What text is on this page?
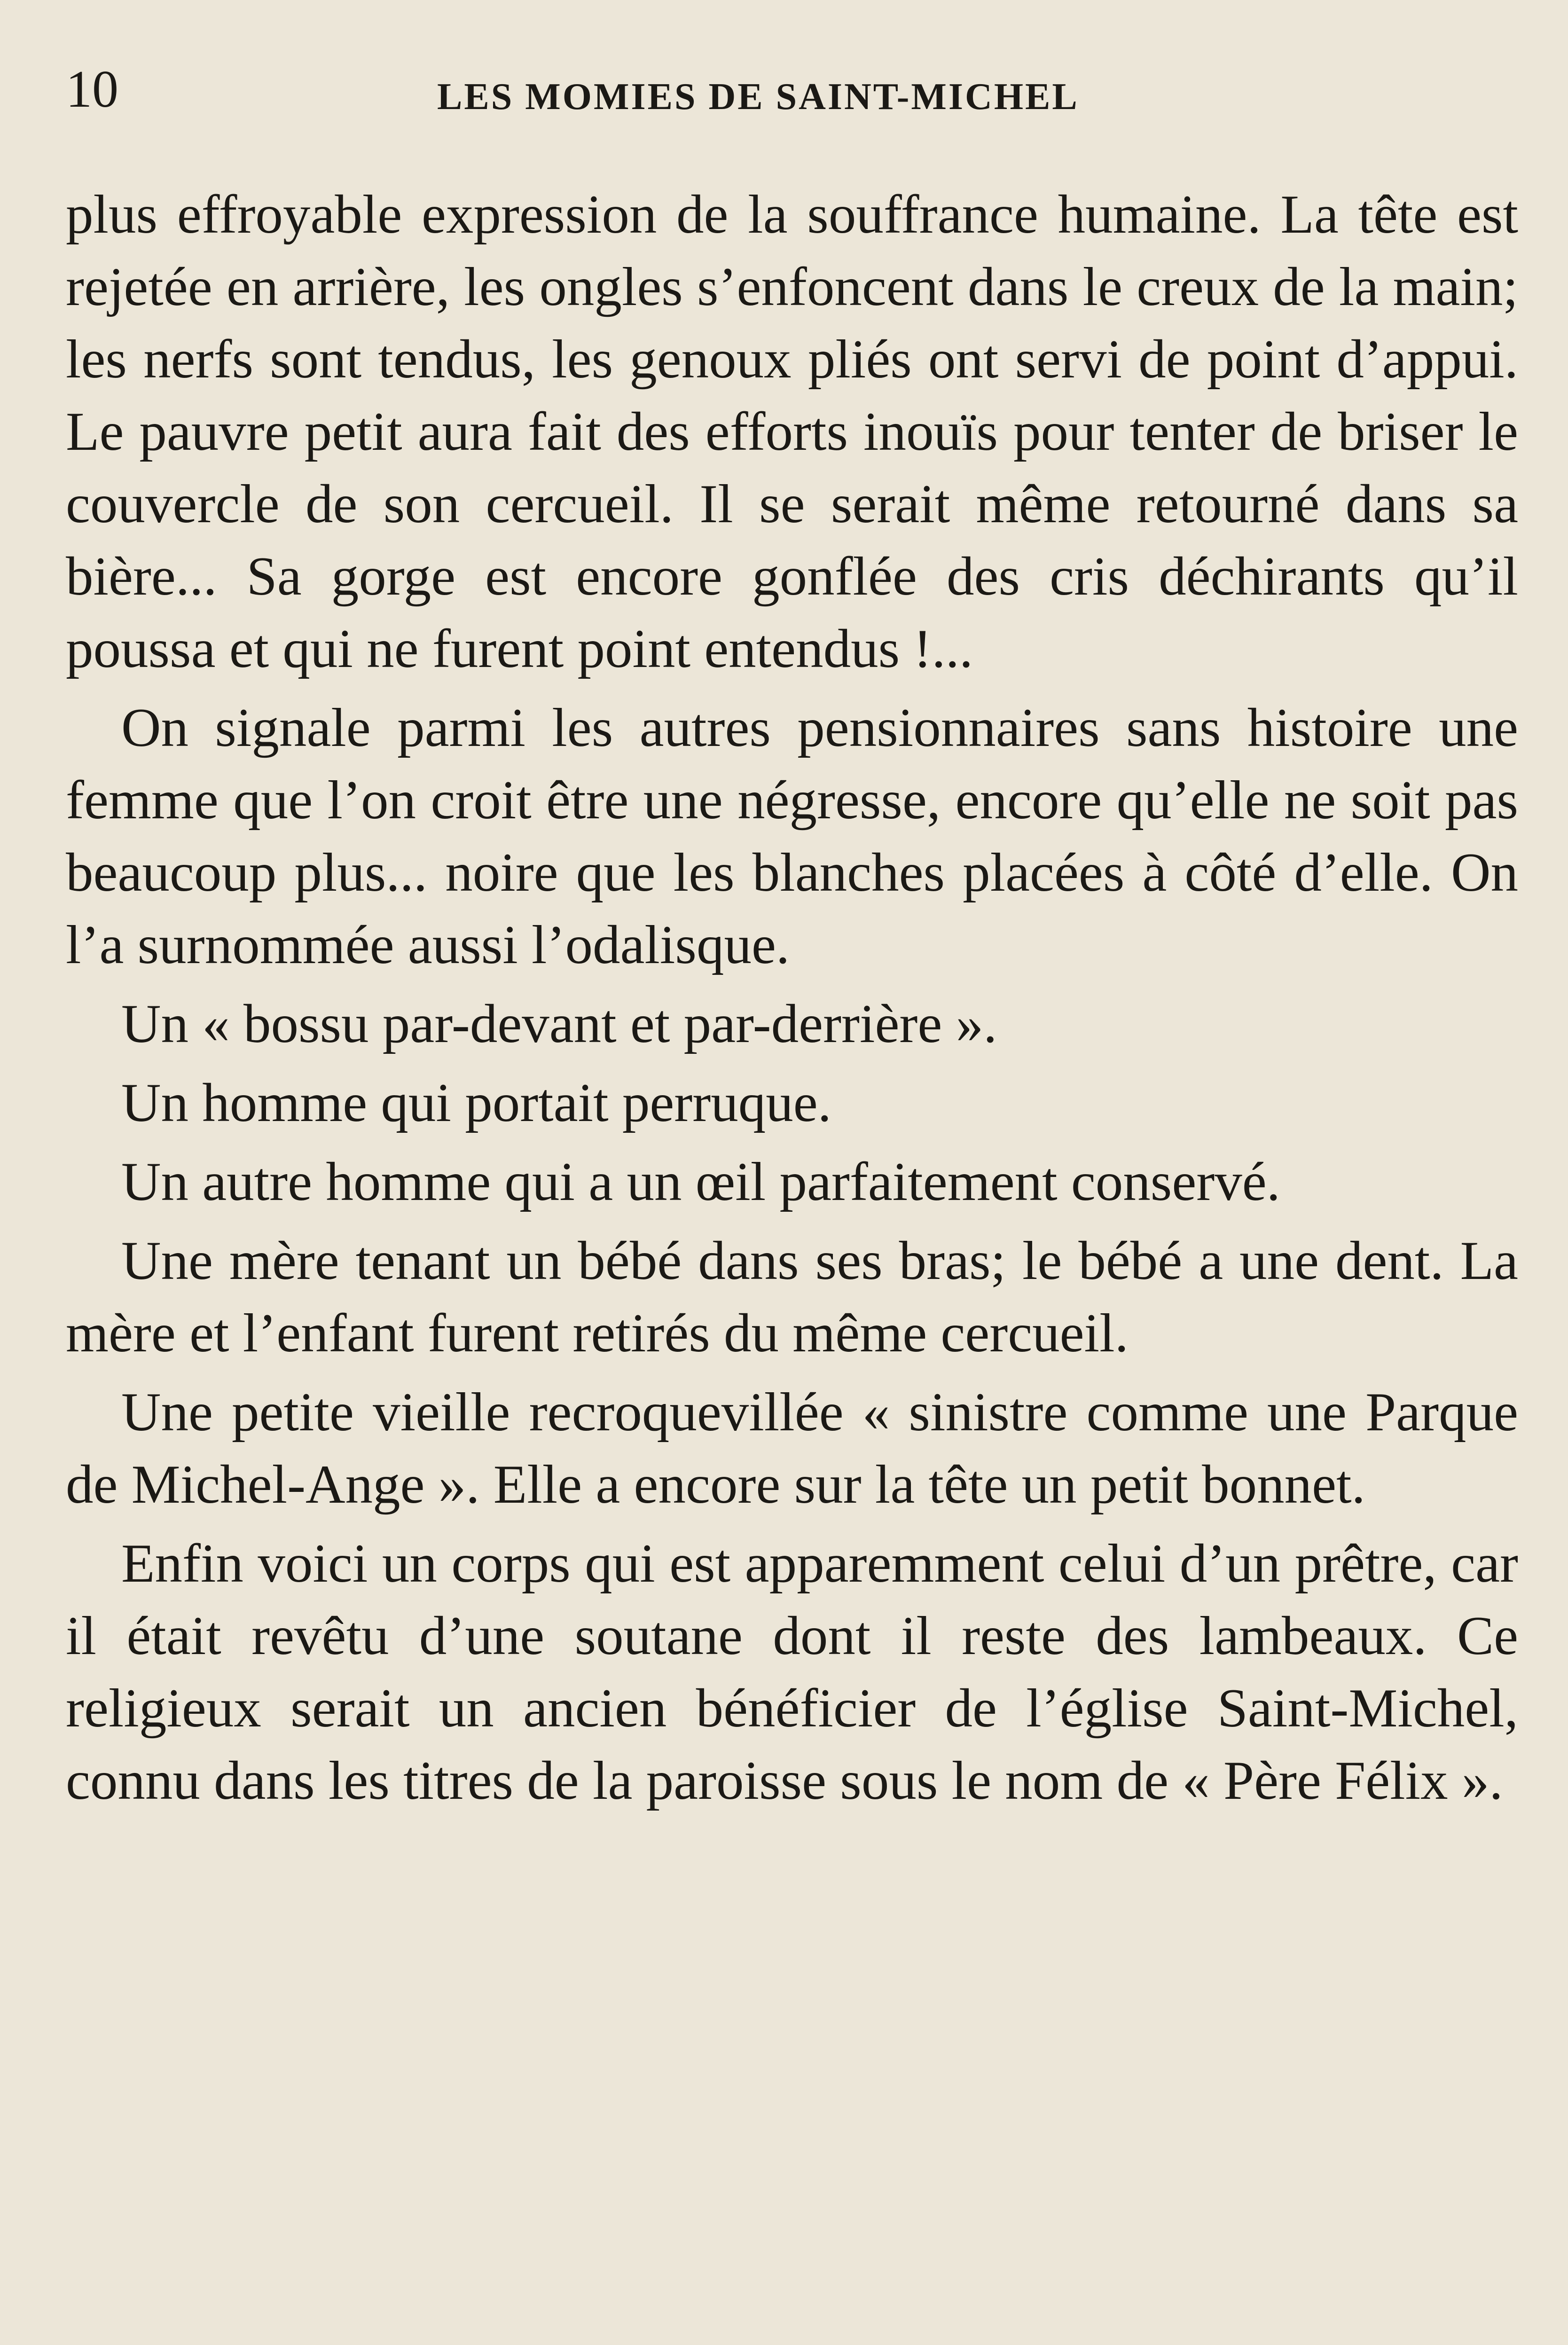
10	LES MOMIES DE SAINT-MICHEL

plus effroyable expression de la souffrance humaine. La tête est rejetée en arrière, les ongles s’enfoncent dans le creux de la main; les nerfs sont tendus, les genoux pliés ont servi de point d’appui. Le pauvre petit aura fait des efforts inouïs pour tenter de briser le couvercle de son cercueil. Il se serait même retourné dans sa bière... Sa gorge est encore gonflée des cris déchirants qu’il poussa et qui ne furent point entendus !...

On signale parmi les autres pensionnaires sans histoire une femme que l’on croit être une négresse, encore qu’elle ne soit pas beaucoup plus... noire que les blanches placées à côté d’elle. On l’a surnommée aussi l’odalisque.

Un « bossu par-devant et par-derrière ».

Un homme qui portait perruque.

Un autre homme qui a un œil parfaitement conservé.

Une mère tenant un bébé dans ses bras; le bébé a une dent. La mère et l’enfant furent retirés du même cercueil.

Une petite vieille recroquevillée « sinistre comme une Parque de Michel-Ange ». Elle a encore sur la tête un petit bonnet.

Enfin voici un corps qui est apparemment celui d’un prêtre, car il était revêtu d’une soutane dont il reste des lambeaux. Ce religieux serait un ancien bénéficier de l’église Saint-Michel, connu dans les titres de la paroisse sous le nom de « Père Félix ».
